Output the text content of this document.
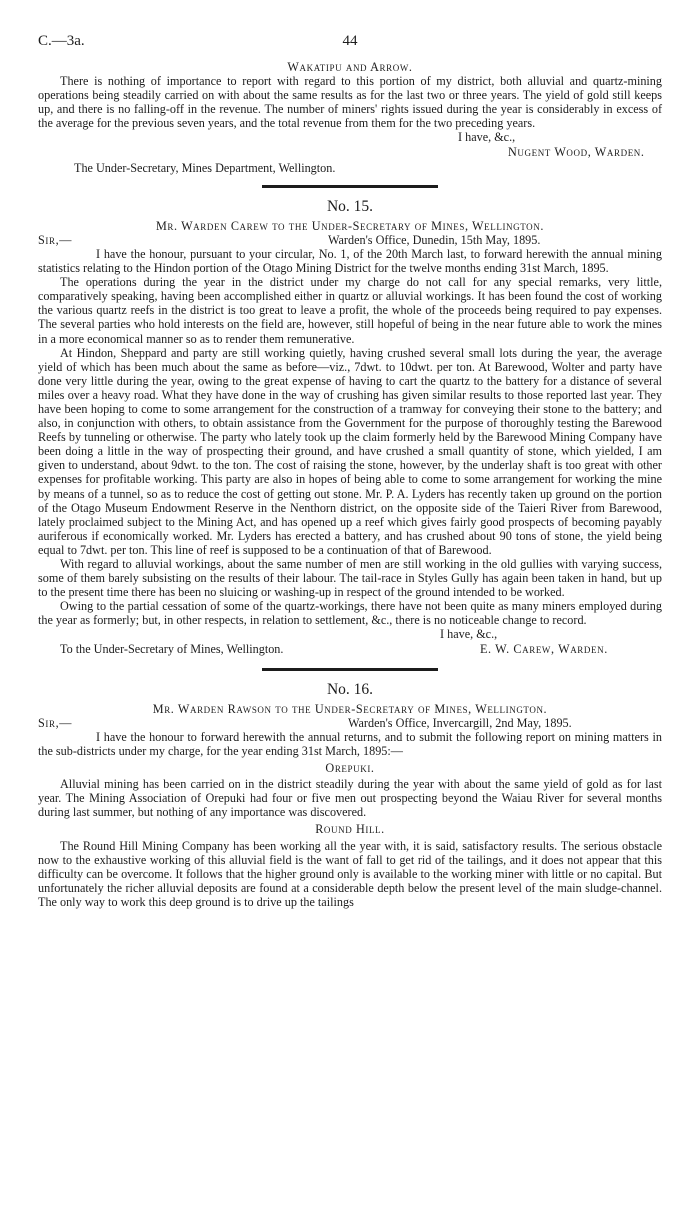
C.—3a.	44
Wakatipu and Arrow.

There is nothing of importance to report with regard to this portion of my district, both alluvial and quartz-mining operations being steadily carried on with about the same results as for the last two or three years. The yield of gold still keeps up, and there is no falling-off in the revenue. The number of miners' rights issued during the year is considerably in excess of the average for the previous seven years, and the total revenue from them for the two preceding years.

I have, &c.,
Nugent Wood, Warden.
The Under-Secretary, Mines Department, Wellington.
No. 15.
Mr. Warden Carew to the Under-Secretary of Mines, Wellington.
Sir,—	Warden's Office, Dunedin, 15th May, 1895.

I have the honour, pursuant to your circular, No. 1, of the 20th March last, to forward herewith the annual mining statistics relating to the Hindon portion of the Otago Mining District for the twelve months ending 31st March, 1895.

The operations during the year in the district under my charge do not call for any special remarks, very little, comparatively speaking, having been accomplished either in quartz or alluvial workings. It has been found the cost of working the various quartz reefs in the district is too great to leave a profit, the whole of the proceeds being required to pay expenses. The several parties who hold interests on the field are, however, still hopeful of being in the near future able to work the mines in a more economical manner so as to render them remunerative.

At Hindon, Sheppard and party are still working quietly, having crushed several small lots during the year, the average yield of which has been much about the same as before—viz., 7dwt. to 10dwt. per ton. At Barewood, Wolter and party have done very little during the year, owing to the great expense of having to cart the quartz to the battery for a distance of several miles over a heavy road. What they have done in the way of crushing has given similar results to those reported last year. They have been hoping to come to some arrangement for the construction of a tramway for conveying their stone to the battery; and also, in conjunction with others, to obtain assistance from the Government for the purpose of thoroughly testing the Barewood Reefs by tunneling or otherwise. The party who lately took up the claim formerly held by the Barewood Mining Company have been doing a little in the way of prospecting their ground, and have crushed a small quantity of stone, which yielded, I am given to understand, about 9dwt. to the ton. The cost of raising the stone, however, by the underlay shaft is too great with other expenses for profitable working. This party are also in hopes of being able to come to some arrangement for working the mine by means of a tunnel, so as to reduce the cost of getting out stone. Mr. P. A. Lyders has recently taken up ground on the portion of the Otago Museum Endowment Reserve in the Nenthorn district, on the opposite side of the Taieri River from Barewood, lately proclaimed subject to the Mining Act, and has opened up a reef which gives fairly good prospects of becoming payably auriferous if economically worked. Mr. Lyders has erected a battery, and has crushed about 90 tons of stone, the yield being equal to 7dwt. per ton. This line of reef is supposed to be a continuation of that of Barewood.

With regard to alluvial workings, about the same number of men are still working in the old gullies with varying success, some of them barely subsisting on the results of their labour. The tail-race in Styles Gully has again been taken in hand, but up to the present time there has been no sluicing or washing-up in respect of the ground intended to be worked.

Owing to the partial cessation of some of the quartz-workings, there have not been quite as many miners employed during the year as formerly; but, in other respects, in relation to settlement, &c., there is no noticeable change to record.

I have, &c.,
To the Under-Secretary of Mines, Wellington.	E. W. Carew, Warden.
No. 16.
Mr. Warden Rawson to the Under-Secretary of Mines, Wellington.
Sir,—	Warden's Office, Invercargill, 2nd May, 1895.

I have the honour to forward herewith the annual returns, and to submit the following report on mining matters in the sub-districts under my charge, for the year ending 31st March, 1895:—

Orepuki.

Alluvial mining has been carried on in the district steadily during the year with about the same yield of gold as for last year. The Mining Association of Orepuki had four or five men out prospecting beyond the Waiau River for several months during last summer, but nothing of any importance was discovered.

Round Hill.

The Round Hill Mining Company has been working all the year with, it is said, satisfactory results. The serious obstacle now to the exhaustive working of this alluvial field is the want of fall to get rid of the tailings, and it does not appear that this difficulty can be overcome. It follows that the higher ground only is available to the working miner with little or no capital. But unfortunately the richer alluvial deposits are found at a considerable depth below the present level of the main sludge-channel. The only way to work this deep ground is to drive up the tailings
